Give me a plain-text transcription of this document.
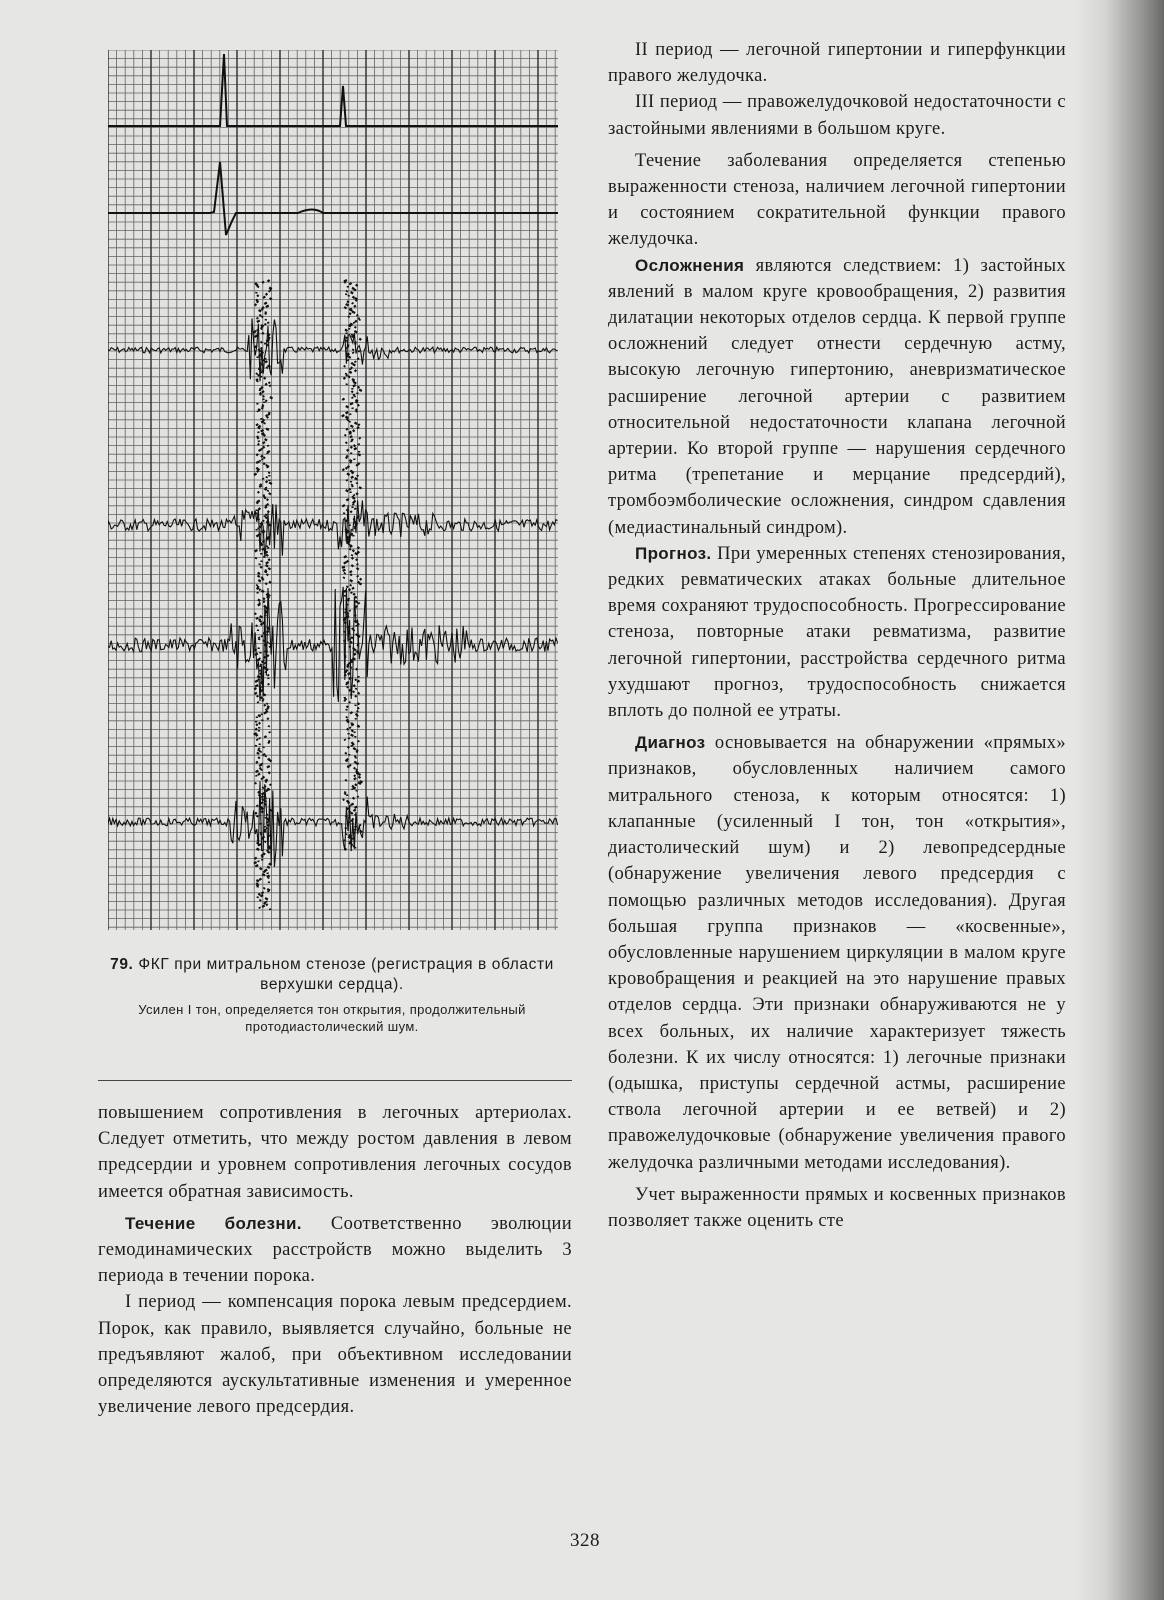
79. ФКГ при митральном стенозе (регистрация в области верхушки сердца).
Усилен I тон, определяется тон открытия, продолжительный протодиастолический шум.

повышением сопротивления в легочных артериолах. Следует отметить, что между ростом давления в левом предсердии и уровнем сопротивления легочных сосудов имеется обратная зависимость.

Течение болезни. Соответственно эволюции гемодинамических расстройств можно выделить 3 периода в течении порока.

I период — компенсация порока левым предсердием. Порок, как правило, выявляется случайно, больные не предъявляют жалоб, при объективном исследовании определяются аускультативные изменения и умеренное увеличение левого предсердия.

II период — легочной гипертонии и гиперфункции правого желудочка.

III период — правожелудочковой недостаточности с застойными явлениями в большом круге.

Течение заболевания определяется степенью выраженности стеноза, наличием легочной гипертонии и состоянием сократительной функции правого желудочка.

Осложнения являются следствием: 1) застойных явлений в малом круге кровообращения, 2) развития дилатации некоторых отделов сердца. К первой группе осложнений следует отнести сердечную астму, высокую легочную гипертонию, аневризматическое расширение легочной артерии с развитием относительной недостаточности клапана легочной артерии. Ко второй группе — нарушения сердечного ритма (трепетание и мерцание предсердий), тромбоэмболические осложнения, синдром сдавления (медиастинальный синдром).

Прогноз. При умеренных степенях стенозирования, редких ревматических атаках больные длительное время сохраняют трудоспособность. Прогрессирование стеноза, повторные атаки ревматизма, развитие легочной гипертонии, расстройства сердечного ритма ухудшают прогноз, трудоспособность снижается вплоть до полной ее утраты.

Диагноз основывается на обнаружении «прямых» признаков, обусловленных наличием самого митрального стеноза, к которым относятся: 1) клапанные (усиленный I тон, тон «открытия», диастолический шум) и 2) левопредсердные (обнаружение увеличения левого предсердия с помощью различных методов исследования). Другая большая группа признаков — «косвенные», обусловленные нарушением циркуляции в малом круге кровобращения и реакцией на это нарушение правых отделов сердца. Эти признаки обнаруживаются не у всех больных, их наличие характеризует тяжесть болезни. К их числу относятся: 1) легочные признаки (одышка, приступы сердечной астмы, расширение ствола легочной артерии и ее ветвей) и 2) правожелудочковые (обнаружение увеличения правого желудочка различными методами исследования).

Учет выраженности прямых и косвенных признаков позволяет также оценить сте

328
